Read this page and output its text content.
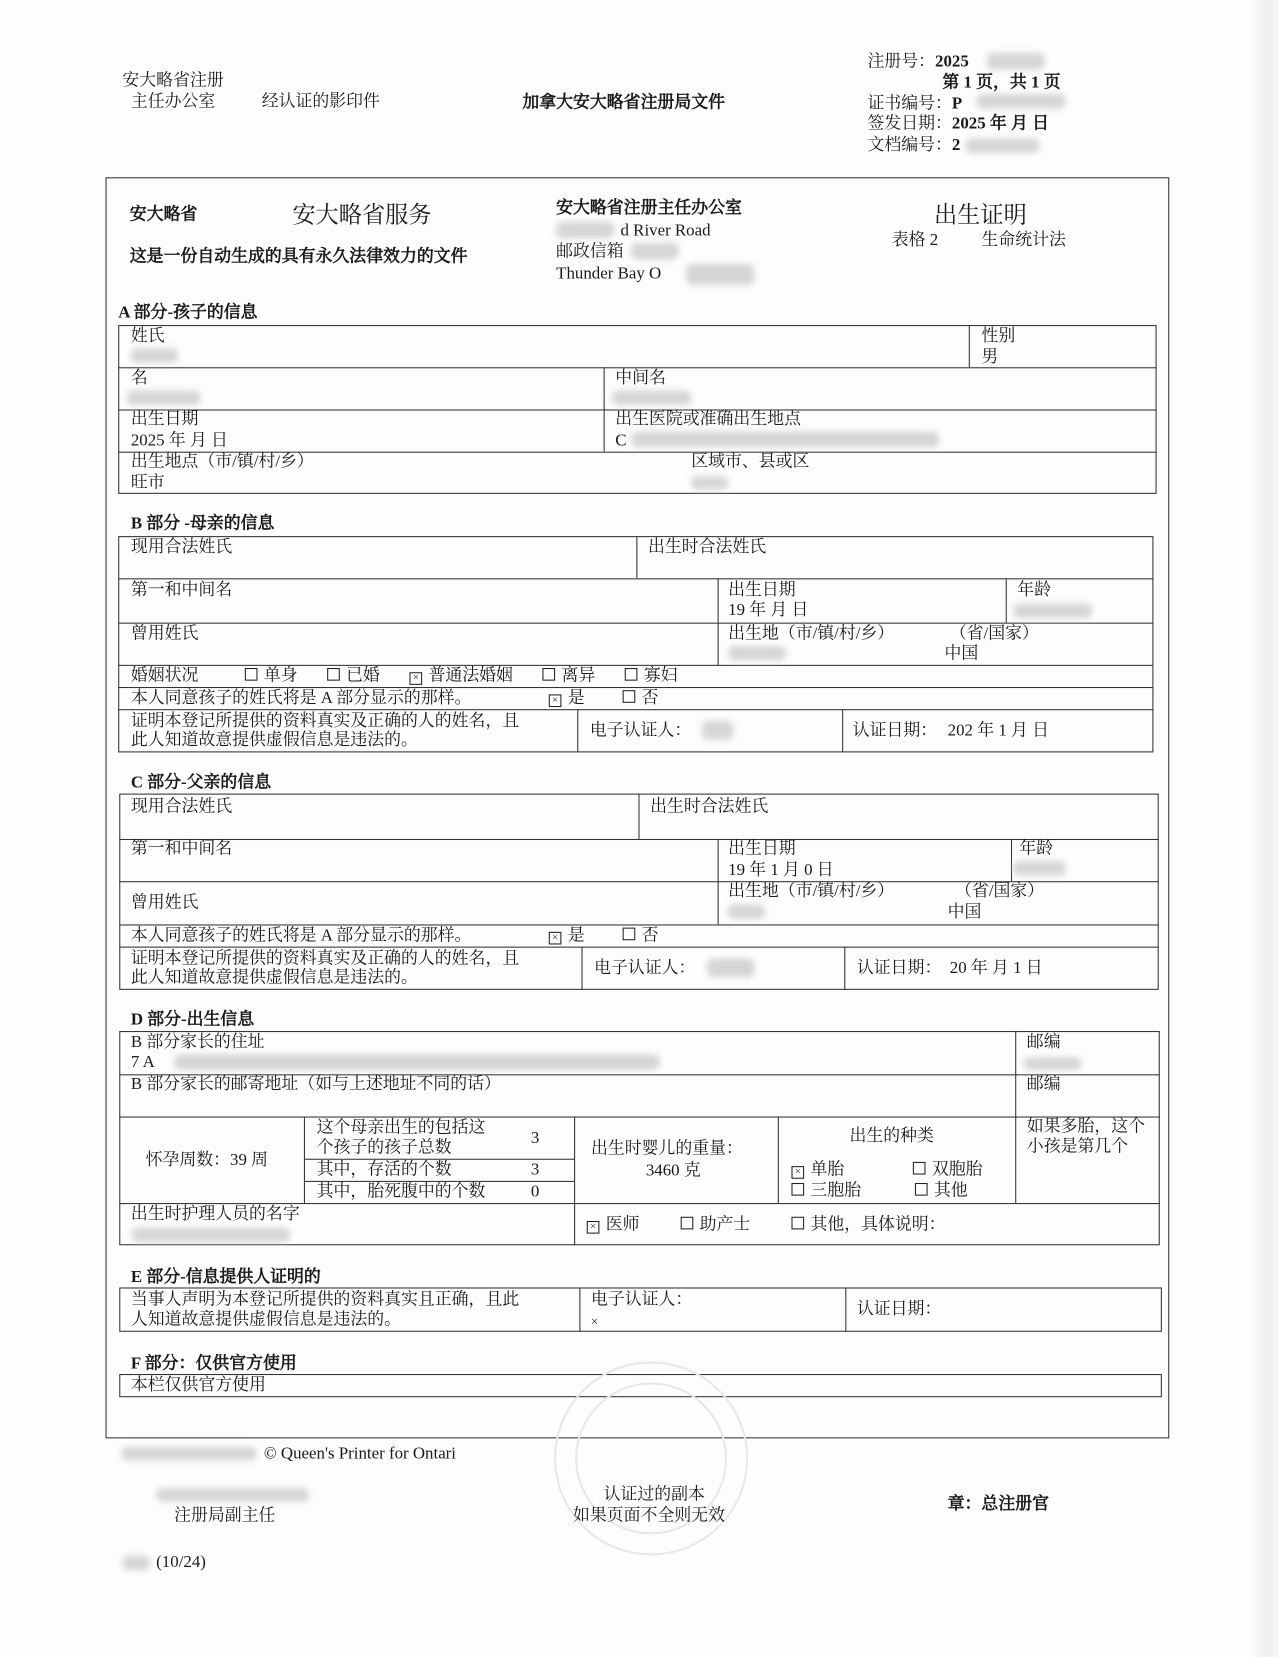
安大略省注册
主任办公室	经认证的影印件	加拿大安大略省注册局文件
注册号：2025
第 1 页，共 1 页
证书编号：P
签发日期：2025 年 月 日
文档编号：2
安大略省	安大略省服务
这是一份自动生成的具有永久法律效力的文件
安大略省注册主任办公室
d River Road
邮政信箱
Thunder Bay O
出生证明
表格 2	生命统计法
A 部分-孩子的信息
姓氏	性别
男
名	中间名
出生日期
2025 年 月 日
出生医院或准确出生地点
C
出生地点（市/镇/村/乡）
旺市
区域市、县或区
B 部分 -母亲的信息
现用合法姓氏	出生时合法姓氏
第一和中间名	出生日期
19 年 月 日
年龄
曾用姓氏	出生地（市/镇/村/乡）	（省/国家）
中国
婚姻状况	单身	已婚	× 普通法婚姻	离异	寡妇
本人同意孩子的姓氏将是 A 部分显示的那样。	× 是	否
证明本登记所提供的资料真实及正确的人的姓名，且
此人知道故意提供虚假信息是违法的。
电子认证人：	认证日期： 202 年 1 月 日
C 部分-父亲的信息
现用合法姓氏	出生时合法姓氏
第一和中间名	出生日期
19 年 1 月 0 日
年龄
曾用姓氏
出生地（市/镇/村/乡）	（省/国家）
中国
本人同意孩子的姓氏将是 A 部分显示的那样。	× 是	否
证明本登记所提供的资料真实及正确的人的姓名，且
此人知道故意提供虚假信息是违法的。
电子认证人：	认证日期： 20 年 月 1 日
D 部分-出生信息
B 部分家长的住址
7 A
邮编
B 部分家长的邮寄地址（如与上述地址不同的话）	邮编
怀孕周数：39 周
这个母亲出生的包括这
个孩子的孩子总数
3
其中，存活的个数	3
其中，胎死腹中的个数	0
出生时婴儿的重量：
3460 克
出生的种类
× 单胎	双胞胎
三胞胎	其他
如果多胎，这个
小孩是第几个
出生时护理人员的名字
× 医师	助产士	其他，具体说明：
E 部分-信息提供人证明的
当事人声明为本登记所提供的资料真实且正确，且此
人知道故意提供虚假信息是违法的。
电子认证人：
×
认证日期：
F 部分：仅供官方使用
本栏仅供官方使用
© Queen's Printer for Ontari
注册局副主任
认证过的副本
如果页面不全则无效
章：总注册官
(10/24)
